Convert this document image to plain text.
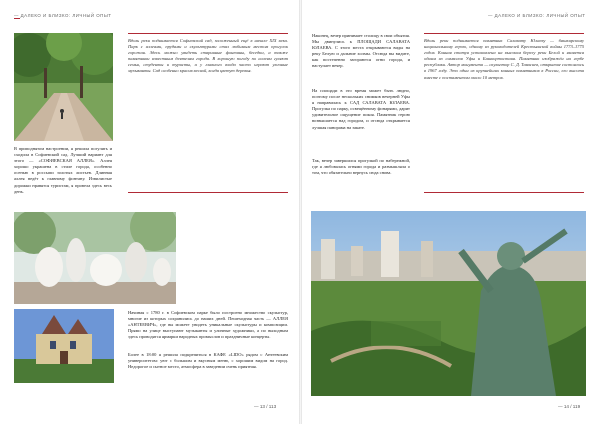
— ДАЛЕКО И БЛИЗКО: ЛИЧНЫЙ ОПЫТ	— ДАЛЕКО И БЛИЗКО: ЛИЧНЫЙ ОПЫТ
В приподнятом настроении, я решила погулять и сходила в Софиевский сад. Лучший вариант для этого — «СОФИЕВСКАЯ АЛЛЕЯ». Аллея хорошо украшена в стиле города, особенно осенью в россыпи золотых листьев. Длинная аллея ведёт к главному фонтану. Извилистые дорожки нравятся туристам, я провела здесь весь день.
Вдоль реки поднимается Софиевский сад, заложенный ещё в начале XIX века. Парк с аллеями, прудами и скульптурами стал любимым местом прогулок горожан. Здесь можно увидеть старинные фонтаны, беседки, а также памятники известным деятелям города. В хорошую погоду по аллеям гуляют семьи, студенты и туристы, а у главного входа часто играют уличные музыканты. Сад особенно красив весной, когда цветут деревья.
Начиная с 1780 г. в Софиевском парке было построено множество скульптур, многие из которых сохранились до наших дней. Пешеходная часть — АЛЛЕЯ «АНТЕЕВИЧ», где вы можете увидеть уникальные скульптуры и композиции. Прямо на улице выступают музыканты и уличные художники, а по выходным здесь проводятся ярмарки народных промыслов и праздничные концерты.
Более в 18:00 я решила подкрепиться в КАФЕ «LIDO» рядом с Антеевским университетом: уют с большим и вкусным меню, с хорошим видом на город. Недорогое и сытное место, атмосфера в заведении очень приятная.
— 13 / 113
Наконец, вечер принимает столицу в свои объятия. Мы двинулись к ПЛОЩАДИ САЛАВАТА ЮЛАЕВА. С этого места открываются виды на реку Белую и дальние холмы. Отсюда вы видите, как постепенно загораются огни города, и наступает вечер.
На площади в это время может быть людно, поэтому после нескольких снимков вечерней Уфы я направилась к САД САЛАВАТА ЮЛАЕВА. Прогулка по парку, освещённому фонарями, дарит удивительное ощущение покоя. Памятник герою возвышается над городом, и отсюда открывается лучшая панорама на закате.
Так, вечер завершился прогулкой по набережной, где я любовалась огнями города и размышляла о том, что обязательно вернусь сюда снова.
Вдоль реки поднимается памятник Салавату Юлаеву — башкирскому национальному герою, одному из руководителей Крестьянской войны 1773–1775 годов. Конная статуя установлена на высоком берегу реки Белой и является одним из символов Уфы и Башкортостана. Памятник изображён на гербе республики. Автор монумента — скульптор С. Д. Тавасиев, открытие состоялось в 1967 году. Это один из крупнейших конных памятников в России, его высота вместе с постаментом около 10 метров.
— 14 / 119
